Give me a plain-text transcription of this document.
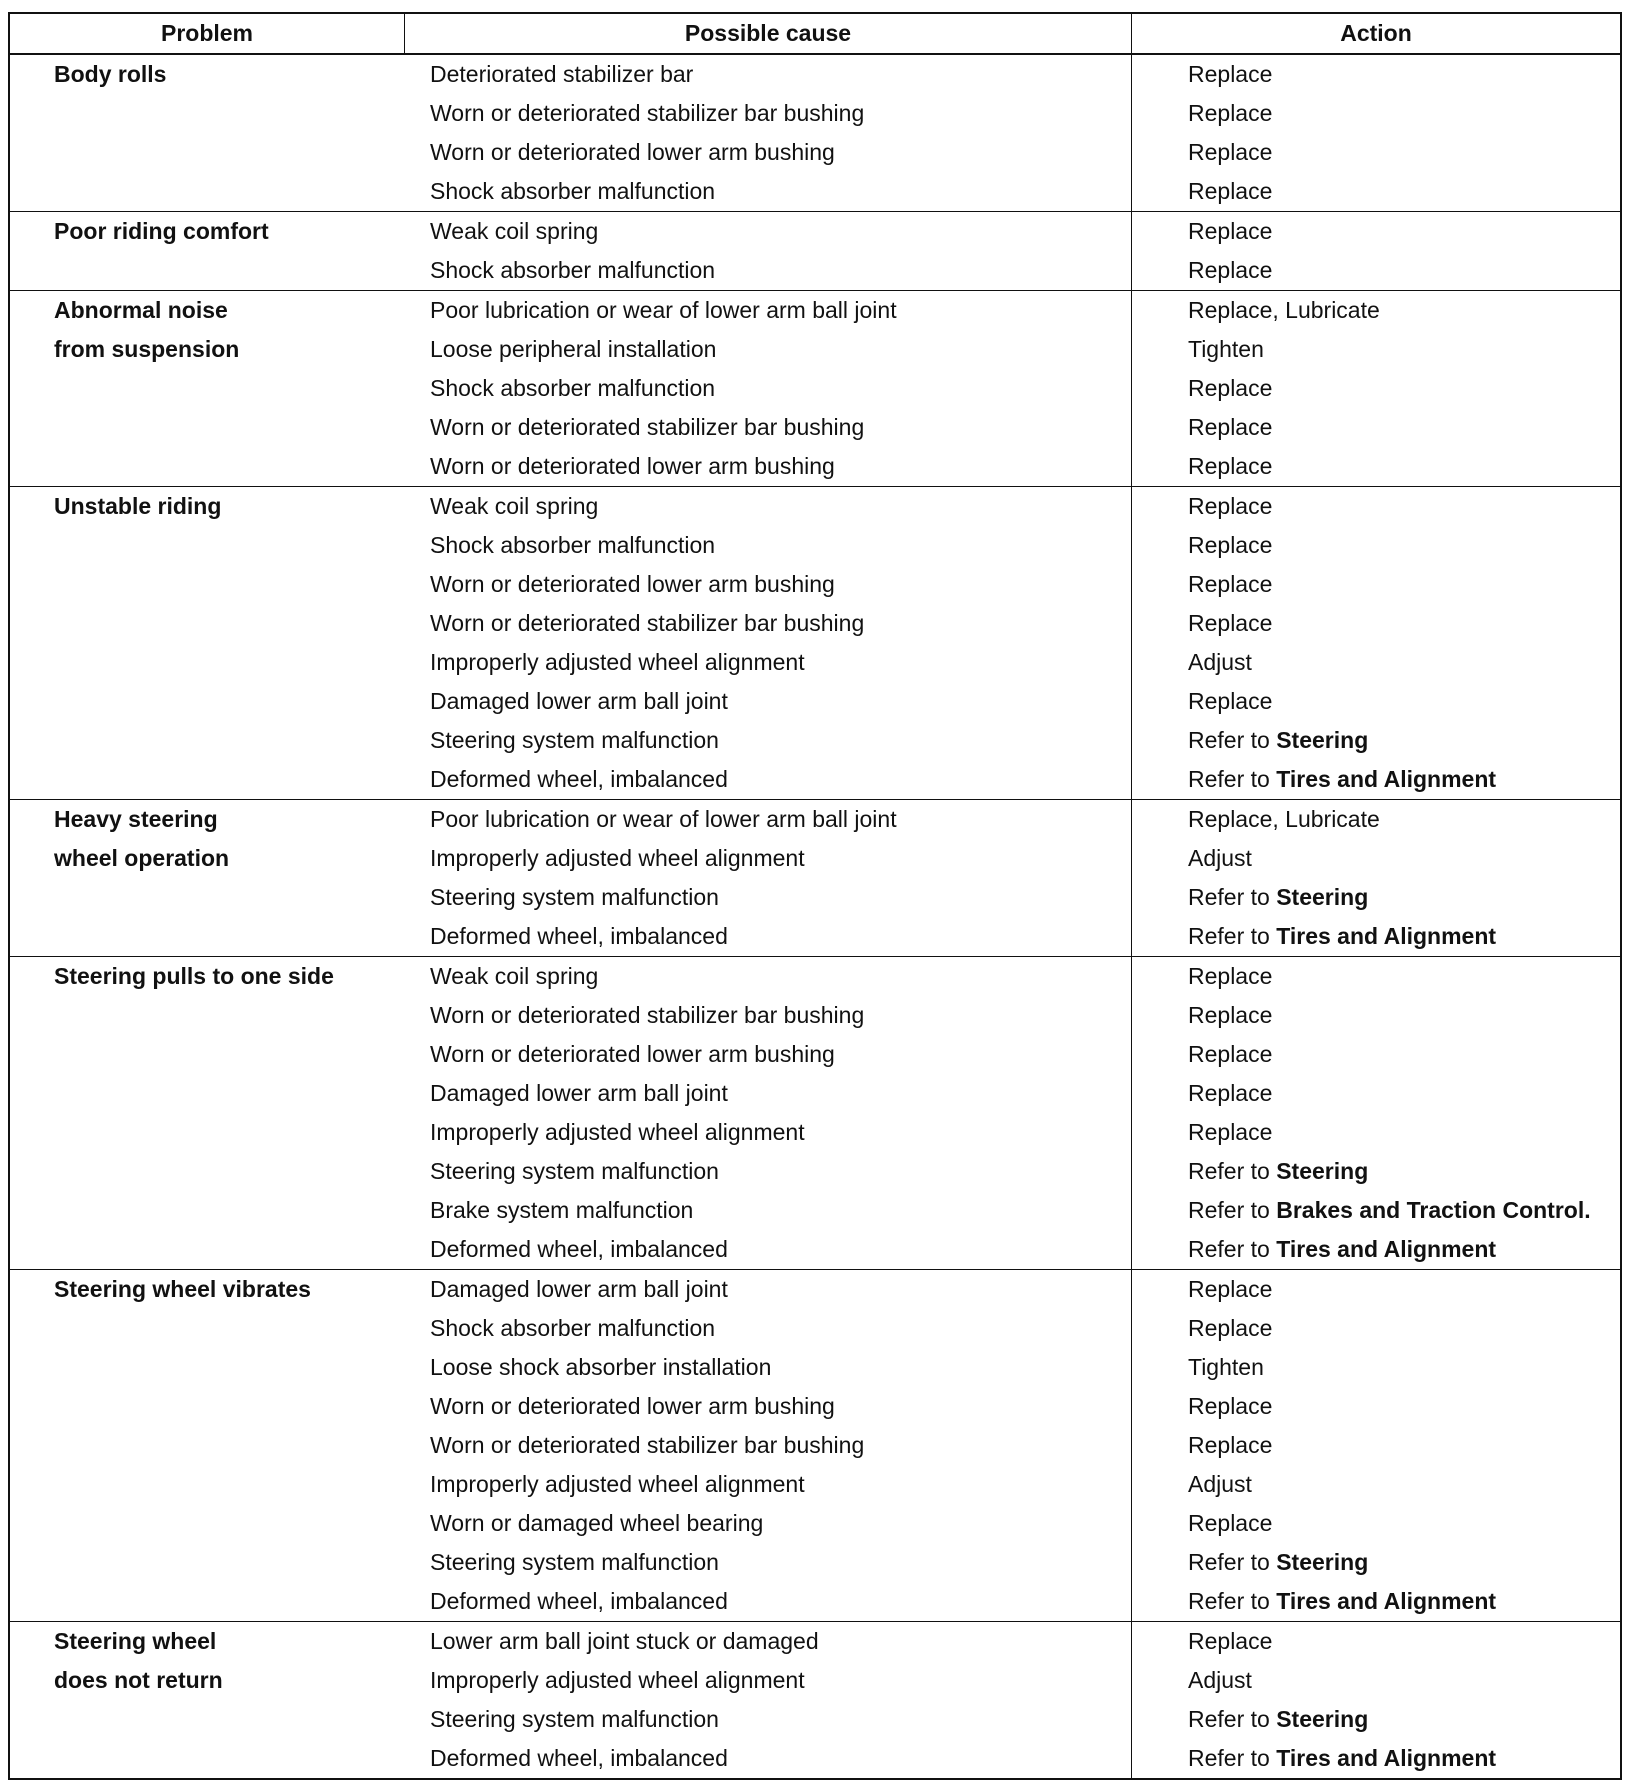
Problem	Possible cause	Action
Body rolls	Deteriorated stabilizer bar	Replace
Worn or deteriorated stabilizer bar bushing	Replace
Worn or deteriorated lower arm bushing	Replace
Shock absorber malfunction	Replace
Poor riding comfort	Weak coil spring	Replace
Shock absorber malfunction	Replace
Abnormal noise
from suspension
Poor lubrication or wear of lower arm ball joint	Replace, Lubricate
Loose peripheral installation	Tighten
Shock absorber malfunction	Replace
Worn or deteriorated stabilizer bar bushing	Replace
Worn or deteriorated lower arm bushing	Replace
Unstable riding	Weak coil spring	Replace
Shock absorber malfunction	Replace
Worn or deteriorated lower arm bushing	Replace
Worn or deteriorated stabilizer bar bushing	Replace
Improperly adjusted wheel alignment	Adjust
Damaged lower arm ball joint	Replace
Steering system malfunction	Refer to Steering
Deformed wheel, imbalanced	Refer to Tires and Alignment
Heavy steering
wheel operation
Poor lubrication or wear of lower arm ball joint	Replace, Lubricate
Improperly adjusted wheel alignment	Adjust
Steering system malfunction	Refer to Steering
Deformed wheel, imbalanced	Refer to Tires and Alignment
Steering pulls to one side	Weak coil spring	Replace
Worn or deteriorated stabilizer bar bushing	Replace
Worn or deteriorated lower arm bushing	Replace
Damaged lower arm ball joint	Replace
Improperly adjusted wheel alignment	Replace
Steering system malfunction	Refer to Steering
Brake system malfunction	Refer to Brakes and Traction Control.
Deformed wheel, imbalanced	Refer to Tires and Alignment
Steering wheel vibrates	Damaged lower arm ball joint	Replace
Shock absorber malfunction	Replace
Loose shock absorber installation	Tighten
Worn or deteriorated lower arm bushing	Replace
Worn or deteriorated stabilizer bar bushing	Replace
Improperly adjusted wheel alignment	Adjust
Worn or damaged wheel bearing	Replace
Steering system malfunction	Refer to Steering
Deformed wheel, imbalanced	Refer to Tires and Alignment
Steering wheel
does not return
Lower arm ball joint stuck or damaged	Replace
Improperly adjusted wheel alignment	Adjust
Steering system malfunction	Refer to Steering
Deformed wheel, imbalanced	Refer to Tires and Alignment
